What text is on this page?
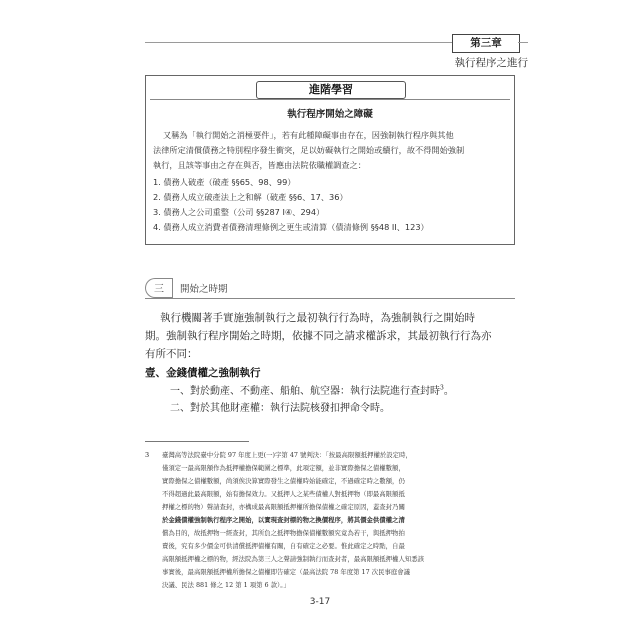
第三章
執行程序之進行
進階學習
執行程序開始之障礙
又稱為「執行開始之消極要件」，若有此種障礙事由存在，因強制執行程序與其他
法律所定清償債務之特別程序發生衝突，足以妨礙執行之開始或續行，故不得開始強制
執行，且該等事由之存在與否，皆應由法院依職權調查之：
1. 債務人破產（破產 §§65、98、99）
2. 債務人成立破產法上之和解（破產 §§6、17、36）
3. 債務人之公司重整（公司 §§287 I④、294）
4. 債務人成立消費者債務清理條例之更生或清算（債清條例 §§48 II、123）
三	開始之時期
執行機關著手實施強制執行之最初執行行為時，為強制執行之開始時
期。強制執行程序開始之時期，依據不同之請求權訴求，其最初執行行為亦
有所不同：
壹、金錢債權之強制執行
一、對於動產、不動產、船舶、航空器：執行法院進行查封時$^3$。
二、對於其他財產權：執行法院核發扣押命令時。
3 臺灣高等法院臺中分院 97 年度上更(一)字第 47 號判決：「按最高限額抵押權於設定時，
僅須定一最高限額作為抵押權擔保範圍之標準，此項定額，並非實際擔保之債權數額，
實際擔保之債權數額，尚須俟決算實際發生之債權時始能確定，不過確定時之數額，仍
不得超過此最高限額，始有擔保效力。又抵押人之某些債權人對抵押物（即最高限額抵
押權之標的物）聲請查封，亦構成最高限額抵押權所擔保債權之確定原因，蓋查封乃關
於金錢債權強制執行程序之開始，以實現查封標的物之換價程序，將其價金供債權之清
償為目的，故抵押物一經查封，其所負之抵押物擔保債權數額究竟為若干，與抵押物拍
賣後，究有多少價金可供清償抵押債權有關，自有確定之必要。惟此確定之時點，自最
高限額抵押權之標的物，經法院為第三人之聲請強制執行而查封者，最高限額抵押權人知悉該
事實後，最高限額抵押權所擔保之債權即告確定（最高法院 78 年度第 17 次民事庭會議
決議、民法 881 條之 12 第 1 項第 6 款）。」
3-17
